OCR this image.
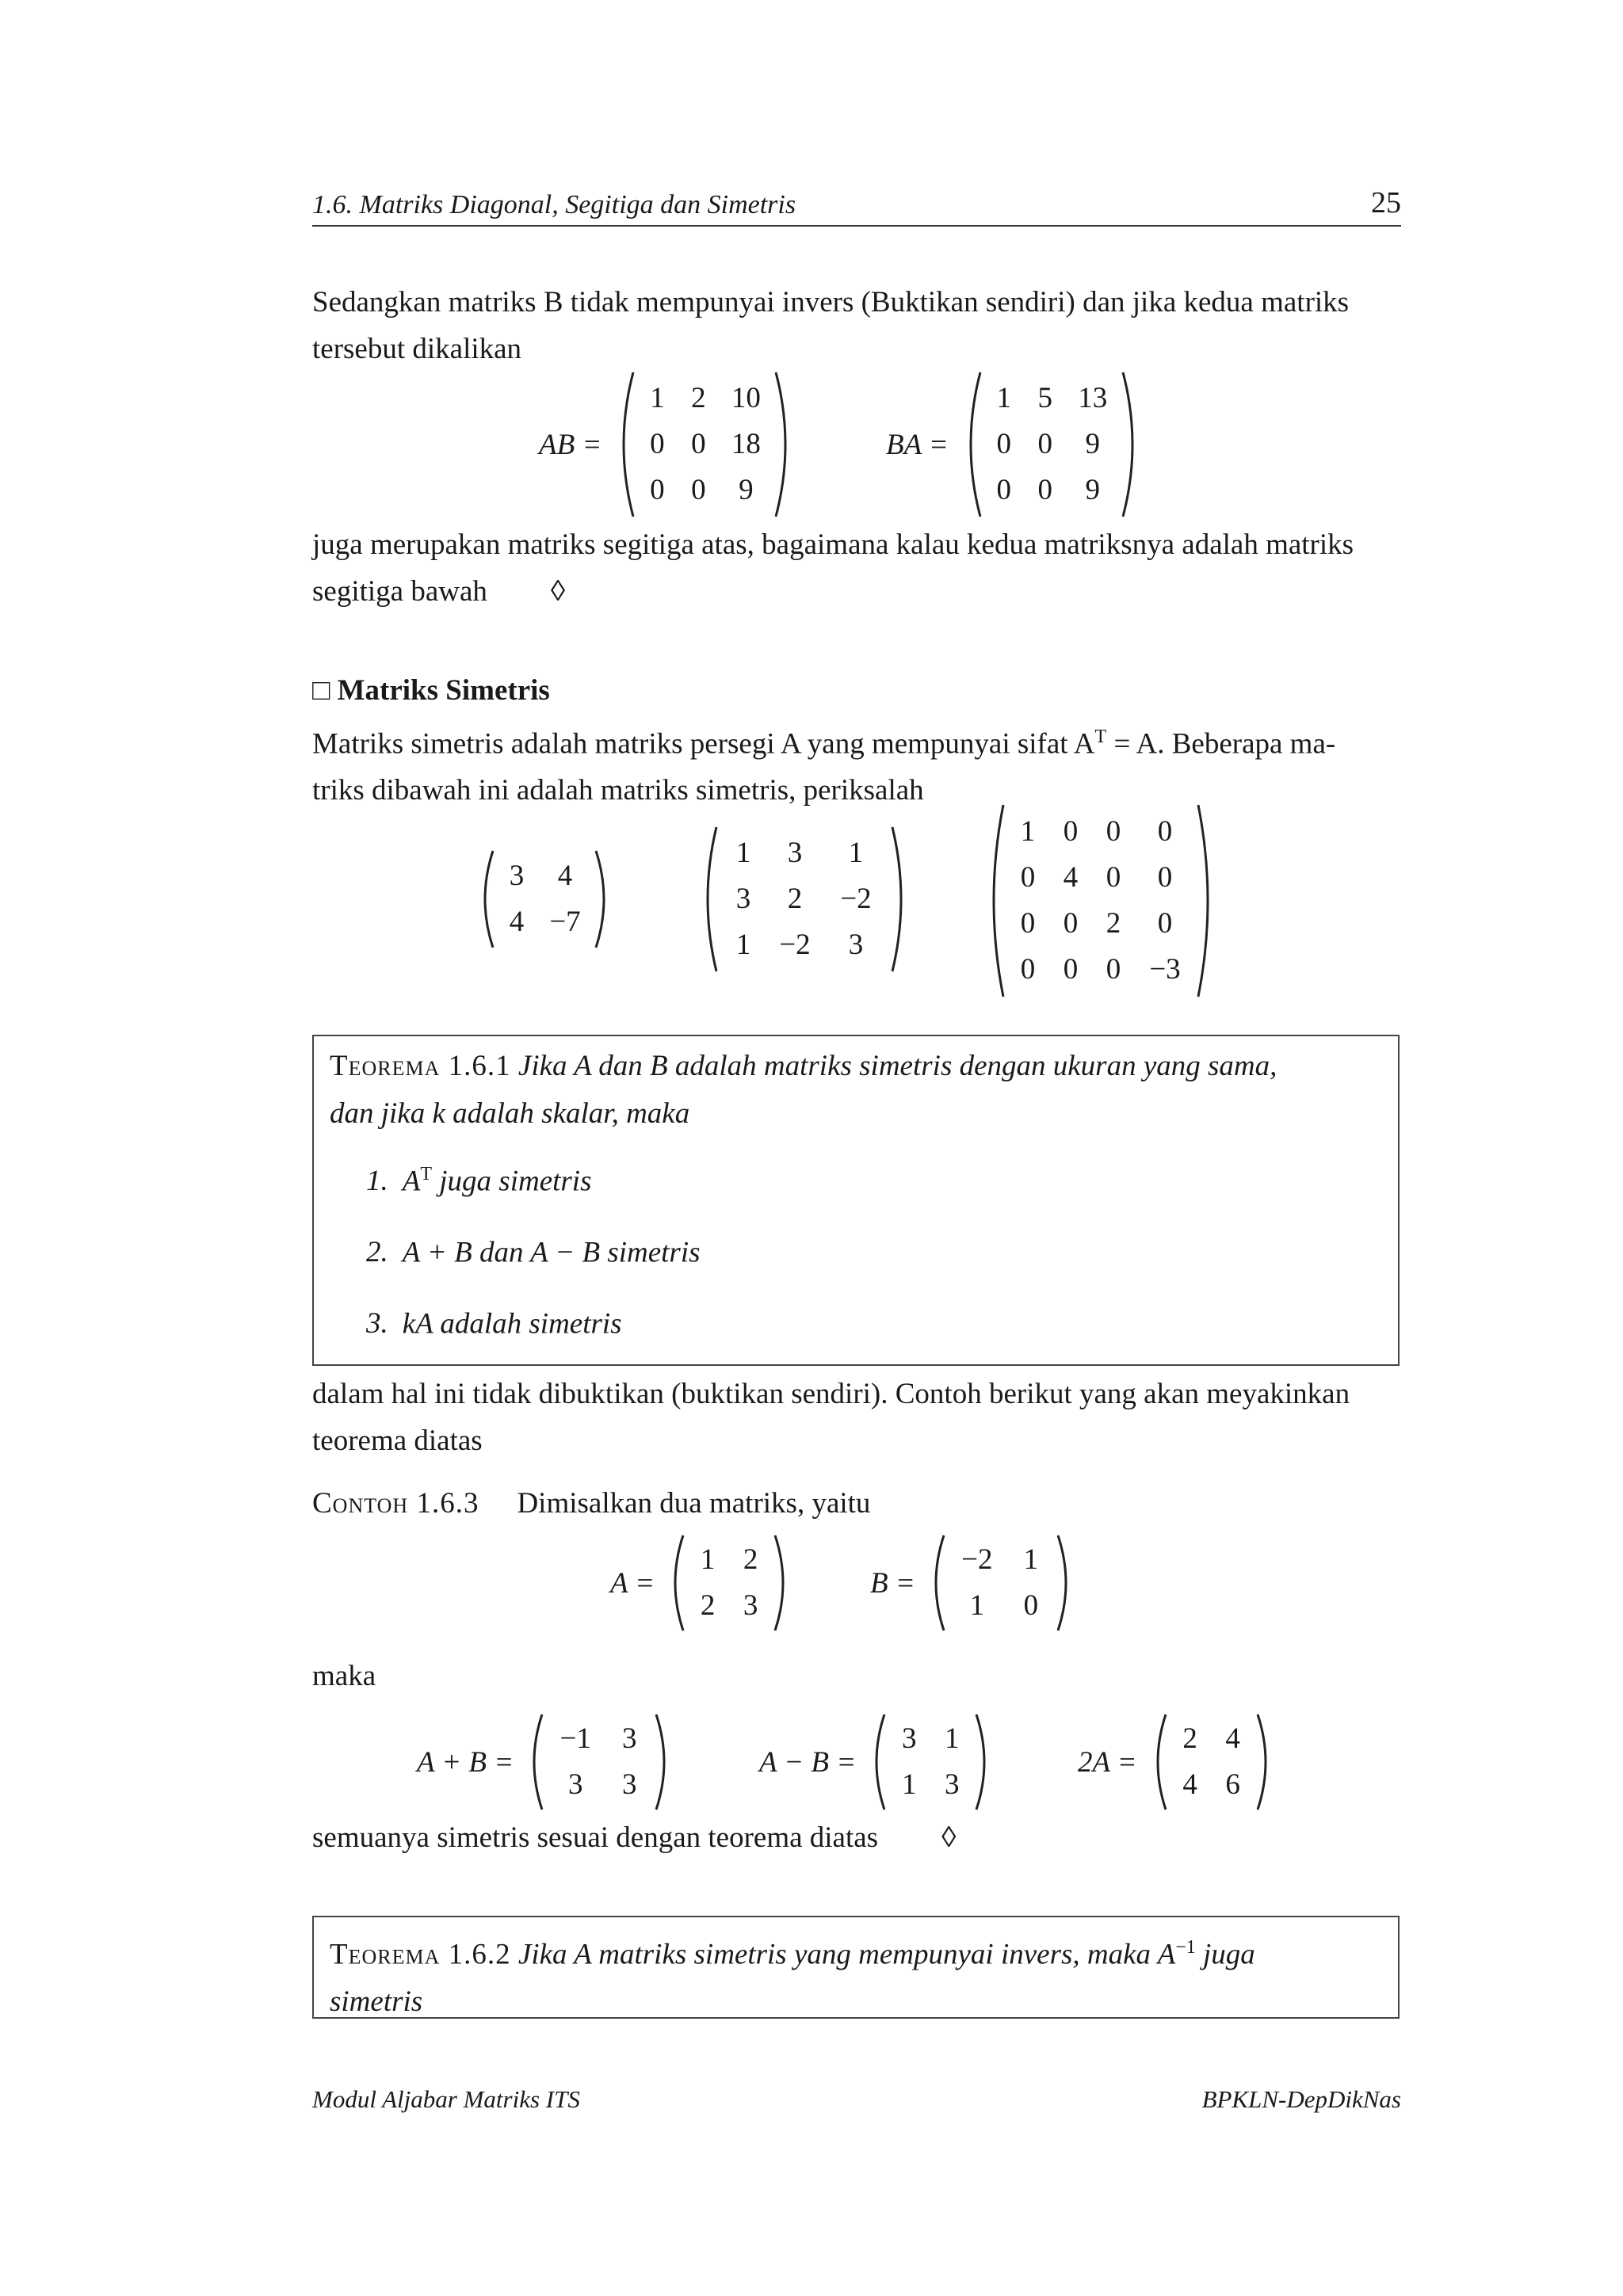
1.6. Matriks Diagonal, Segitiga dan Simetris	25
Sedangkan matriks B tidak mempunyai invers (Buktikan sendiri) dan jika kedua matriks
tersebut dikalikan
AB =
1 2 10
0 0 18
0 0	9
BA =
1 5 13
0 0	9
0 0	9
juga merupakan matriks segitiga atas, bagaimana kalau kedua matriksnya adalah matriks
segitiga bawah ◊
□ Matriks Simetris
Matriks simetris adalah matriks persegi A yang mempunyai sifat $A^T = A$. Beberapa ma-
triks dibawah ini adalah matriks simetris, periksalah
3	4
4 −7
1	3	1
3	2	−2
1 −2	3
1 0 0	0
0 4 0	0
0 0 2	0
0 0 0 −3
Teorema 1.6.1 Jika A dan B adalah matriks simetris dengan ukuran yang sama,
dan jika k adalah skalar, maka
1. $A^T$ juga simetris
2. A + B dan A − B simetris
3. kA adalah simetris
dalam hal ini tidak dibuktikan (buktikan sendiri). Contoh berikut yang akan meyakinkan
teorema diatas
Contoh 1.6.3 Dimisalkan dua matriks, yaitu
A =
1 2
2 3
B =
−2	1
1	0
maka
A + B =
−1	3
3	3
A − B =
3 1
1 3
2A =
2 4
4 6
semuanya simetris sesuai dengan teorema diatas ◊
Teorema 1.6.2 Jika A matriks simetris yang mempunyai invers, maka $A^{-1}$ juga
simetris
Modul Aljabar Matriks ITS	BPKLN-DepDikNas
